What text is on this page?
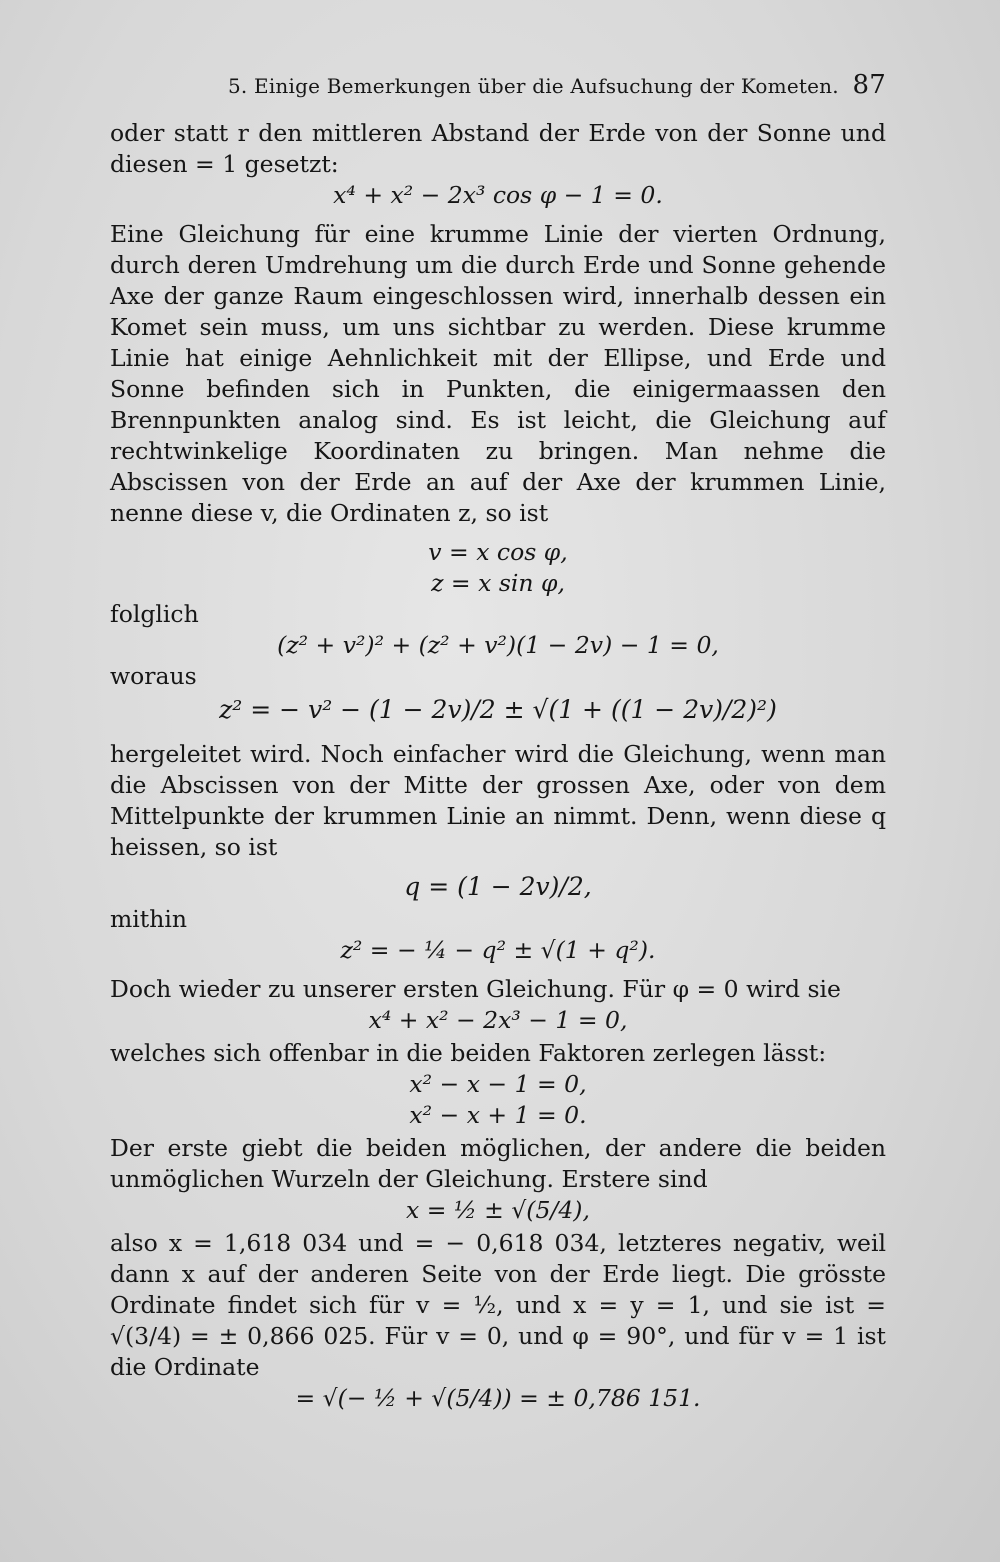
5. Einige Bemerkungen über die Aufsuchung der Kometen. 87

oder statt r den mittleren Abstand der Erde von der Sonne und diesen = 1 gesetzt:

x⁴ + x² − 2x³ cos φ − 1 = 0.

Eine Gleichung für eine krumme Linie der vierten Ordnung, durch deren Umdrehung um die durch Erde und Sonne gehende Axe der ganze Raum eingeschlossen wird, innerhalb dessen ein Komet sein muss, um uns sichtbar zu werden. Diese krumme Linie hat einige Aehnlichkeit mit der Ellipse, und Erde und Sonne befinden sich in Punkten, die einigermaassen den Brennpunkten analog sind. Es ist leicht, die Gleichung auf rechtwinkelige Koordinaten zu bringen. Man nehme die Abscissen von der Erde an auf der Axe der krummen Linie, nenne diese v, die Ordinaten z, so ist

v = x cos φ,

z = x sin φ,

folglich

(z² + v²)² + (z² + v²)(1 − 2v) − 1 = 0,

woraus

z² = − v² − (1 − 2v)/2 ± √(1 + ((1 − 2v)/2)²)

hergeleitet wird. Noch einfacher wird die Gleichung, wenn man die Abscissen von der Mitte der grossen Axe, oder von dem Mittelpunkte der krummen Linie an nimmt. Denn, wenn diese q heissen, so ist

q = (1 − 2v)/2,

mithin

z² = − ¼ − q² ± √(1 + q²).

Doch wieder zu unserer ersten Gleichung. Für φ = 0 wird sie

x⁴ + x² − 2x³ − 1 = 0,

welches sich offenbar in die beiden Faktoren zerlegen lässt:

x² − x − 1 = 0,

x² − x + 1 = 0.

Der erste giebt die beiden möglichen, der andere die beiden unmöglichen Wurzeln der Gleichung. Erstere sind

x = ½ ± √(5/4),

also x = 1,618 034 und = − 0,618 034, letzteres negativ, weil dann x auf der anderen Seite von der Erde liegt. Die grösste Ordinate findet sich für v = ½, und x = y = 1, und sie ist = √(3/4) = ± 0,866 025. Für v = 0, und φ = 90°, und für v = 1 ist die Ordinate

= √(− ½ + √(5/4)) = ± 0,786 151.
